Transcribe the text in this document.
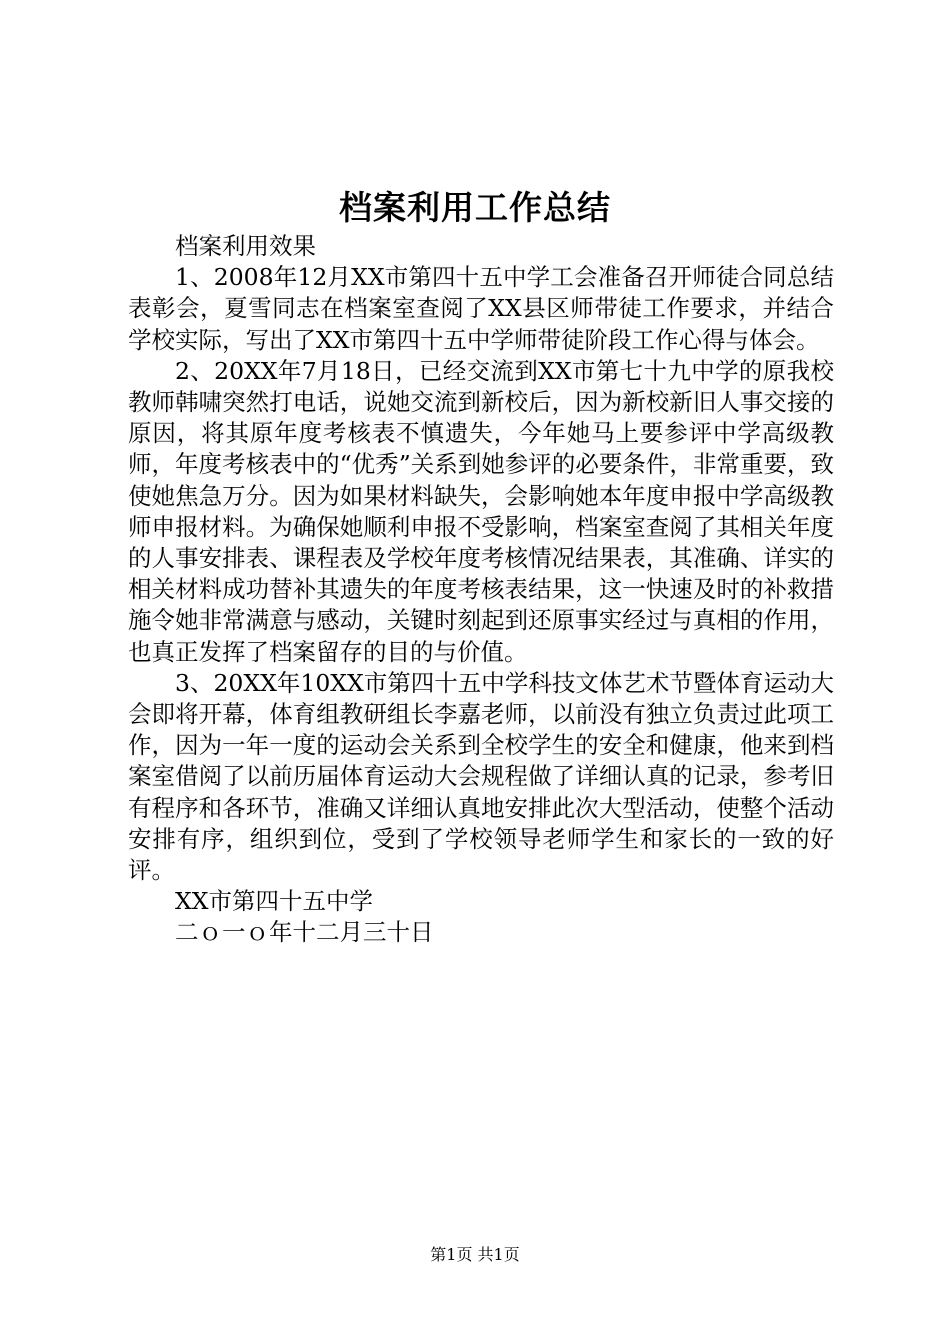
档案利用工作总结

档案利用效果

1、2008年12月XX市第四十五中学工会准备召开师徒合同总结表彰会，夏雪同志在档案室查阅了XX县区师带徒工作要求，并结合学校实际，写出了XX市第四十五中学师带徒阶段工作心得与体会。

2、20XX年7月18日，已经交流到XX市第七十九中学的原我校教师韩啸突然打电话，说她交流到新校后，因为新校新旧人事交接的原因，将其原年度考核表不慎遗失，今年她马上要参评中学高级教师，年度考核表中的“优秀”关系到她参评的必要条件，非常重要，致使她焦急万分。因为如果材料缺失，会影响她本年度申报中学高级教师申报材料。为确保她顺利申报不受影响，档案室查阅了其相关年度的人事安排表、课程表及学校年度考核情况结果表，其准确、详实的相关材料成功替补其遗失的年度考核表结果，这一快速及时的补救措施令她非常满意与感动，关键时刻起到还原事实经过与真相的作用，也真正发挥了档案留存的目的与价值。

3、20XX年10XX市第四十五中学科技文体艺术节暨体育运动大会即将开幕，体育组教研组长李嘉老师，以前没有独立负责过此项工作，因为一年一度的运动会关系到全校学生的安全和健康，他来到档案室借阅了以前历届体育运动大会规程做了详细认真的记录，参考旧有程序和各环节，准确又详细认真地安排此次大型活动，使整个活动安排有序，组织到位，受到了学校领导老师学生和家长的一致的好评。

XX市第四十五中学

二ｏ一ｏ年十二月三十日

第1页 共1页
